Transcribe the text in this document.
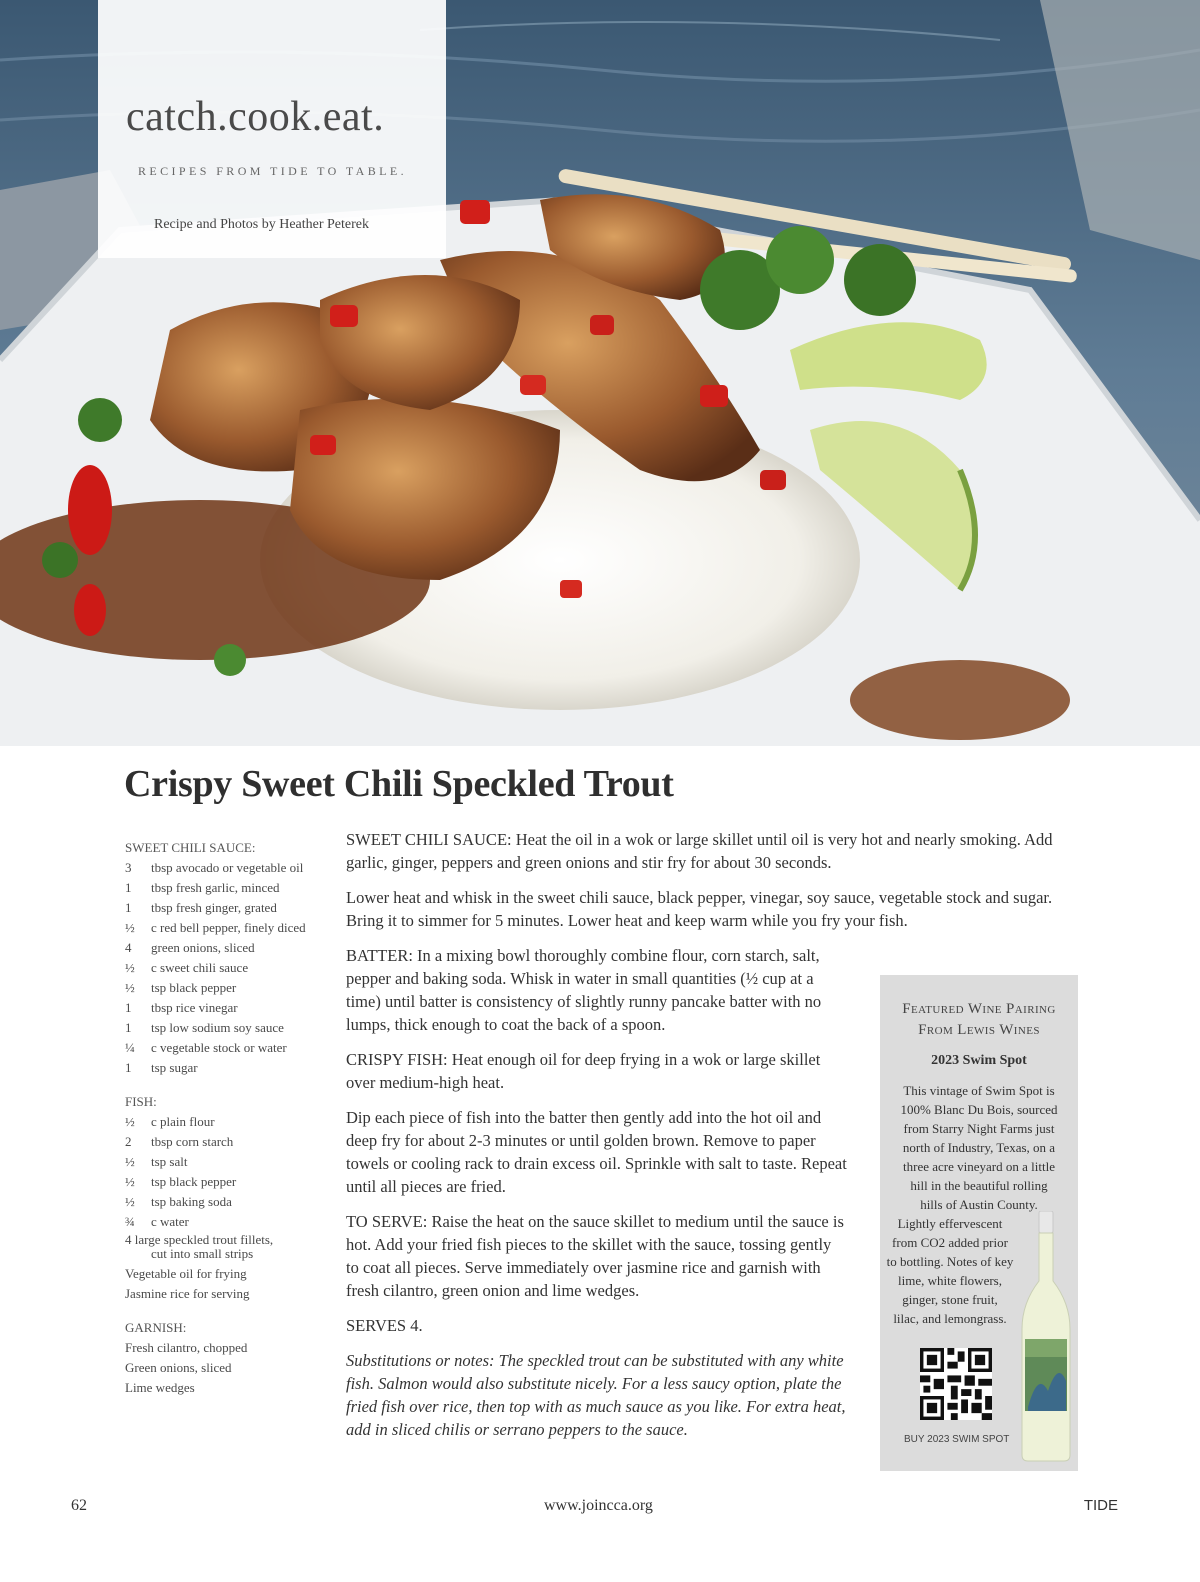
catch.cook.eat.
RECIPES FROM TIDE TO TABLE.
Recipe and Photos by Heather Peterek
Crispy Sweet Chili Speckled Trout
SWEET CHILI SAUCE:
3	tbsp avocado or vegetable oil
1	tbsp fresh garlic, minced
1	tbsp fresh ginger, grated
½	c red bell pepper, finely diced
4	green onions, sliced
½	c sweet chili sauce
½	tsp black pepper
1	tbsp rice vinegar
1	tsp low sodium soy sauce
¼	c vegetable stock or water
1	tsp sugar
FISH:
½	c plain flour
2	tbsp corn starch
½	tsp salt
½	tsp black pepper
½	tsp baking soda
¾	c water
4 large speckled trout fillets,
cut into small strips
Vegetable oil for frying
Jasmine rice for serving
GARNISH:
Fresh cilantro, chopped
Green onions, sliced
Lime wedges

SWEET CHILI SAUCE: Heat the oil in a wok or large skillet until oil is very hot and nearly smoking. Add garlic, ginger, peppers and green onions and stir fry for about 30 seconds.

Lower heat and whisk in the sweet chili sauce, black pepper, vinegar, soy sauce, vegetable stock and sugar. Bring it to simmer for 5 minutes. Lower heat and keep warm while you fry your fish.

BATTER: In a mixing bowl thoroughly combine flour, corn starch, salt, pepper and baking soda. Whisk in water in small quantities (½ cup at a time) until batter is consistency of slightly runny pancake batter with no lumps, thick enough to coat the back of a spoon.

CRISPY FISH: Heat enough oil for deep frying in a wok or large skillet over medium-high heat.

Dip each piece of fish into the batter then gently add into the hot oil and deep fry for about 2-3 minutes or until golden brown. Remove to paper towels or cooling rack to drain excess oil. Sprinkle with salt to taste. Repeat until all pieces are fried.

TO SERVE: Raise the heat on the sauce skillet to medium until the sauce is hot. Add your fried fish pieces to the skillet with the sauce, tossing gently to coat all pieces. Serve immediately over jasmine rice and garnish with fresh cilantro, green onion and lime wedges.

SERVES 4.

Substitutions or notes: The speckled trout can be substituted with any white fish. Salmon would also substitute nicely. For a less saucy option, plate the fried fish over rice, then top with as much sauce as you like. For extra heat, add in sliced chilis or serrano peppers to the sauce.

Featured Wine Pairing
From Lewis Wines
2023 Swim Spot
This vintage of Swim Spot is
100% Blanc Du Bois, sourced
from Starry Night Farms just
north of Industry, Texas, on a
three acre vineyard on a little
hill in the beautiful rolling
hills of Austin County.
Lightly effervescent
from CO2 added prior
to bottling. Notes of key
lime, white flowers,
ginger, stone fruit,
lilac, and lemongrass.
BUY 2023 SWIM SPOT
62	www.joincca.org	TIDE
